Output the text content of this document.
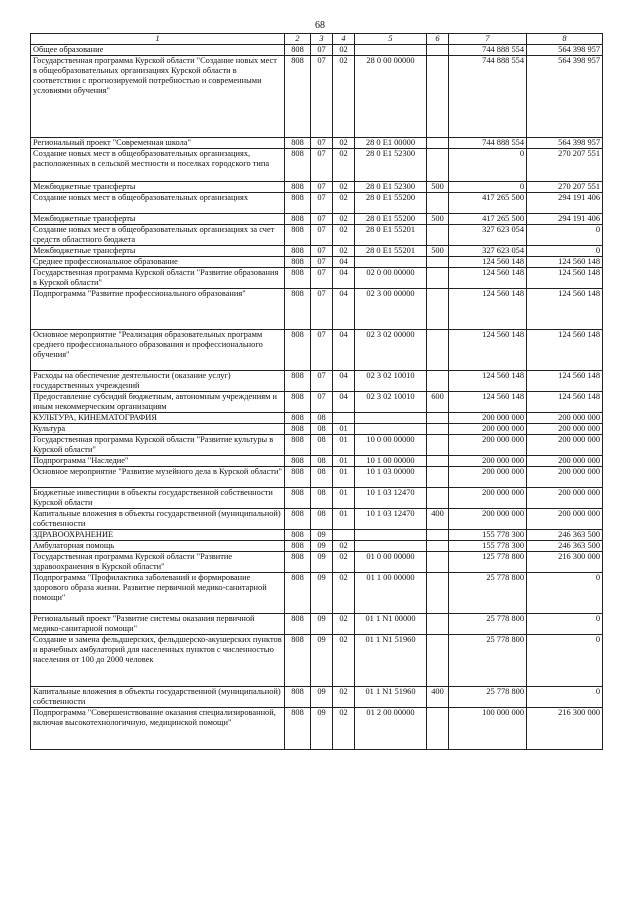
68
1	2	3	4	5	6	7	8
Общее образование	808	07	02			744 888 554	564 398 957
Государственная программа Курской области "Создание новых мест в общеобразовательных организациях Курской области в соответствии с прогнозируемой потребностью и современными условиями обучения"	808	07	02	28 0 00 00000		744 888 554	564 398 957
Региональный проект "Современная школа"	808	07	02	28 0 E1 00000		744 888 554	564 398 957
Создание новых мест в общеобразовательных организациях, расположенных в сельской местности и поселках городского типа	808	07	02	28 0 E1 52300		0	270 207 551
Межбюджетные трансферты	808	07	02	28 0 E1 52300	500	0	270 207 551
Создание новых мест в общеобразовательных организациях	808	07	02	28 0 E1 55200		417 265 500	294 191 406
Межбюджетные трансферты	808	07	02	28 0 E1 55200	500	417 265 500	294 191 406
Создание новых мест в общеобразовательных организациях за счет средств областного бюджета	808	07	02	28 0 E1 55201		327 623 054	0
Межбюджетные трансферты	808	07	02	28 0 E1 55201	500	327 623 054	0
Среднее профессиональное образование	808	07	04			124 560 148	124 560 148
Государственная программа Курской области "Развитие образования в Курской области"	808	07	04	02 0 00 00000		124 560 148	124 560 148
Подпрограмма "Развитие профессионального образования"	808	07	04	02 3 00 00000		124 560 148	124 560 148
Основное мероприятие "Реализация образовательных программ среднего профессионального образования и профессионального обучения"	808	07	04	02 3 02 00000		124 560 148	124 560 148
Расходы на обеспечение деятельности (оказание услуг) государственных учреждений	808	07	04	02 3 02 10010		124 560 148	124 560 148
Предоставление субсидий бюджетным, автономным учреждениям и иным некоммерческим организациям	808	07	04	02 3 02 10010	600	124 560 148	124 560 148
КУЛЬТУРА, КИНЕМАТОГРАФИЯ	808	08				200 000 000	200 000 000
Культура	808	08	01			200 000 000	200 000 000
Государственная программа Курской области "Развитие культуры в Курской области"	808	08	01	10 0 00 00000		200 000 000	200 000 000
Подпрограмма "Наследие"	808	08	01	10 1 00 00000		200 000 000	200 000 000
Основное мероприятие "Развитие музейного дела в Курской области"	808	08	01	10 1 03 00000		200 000 000	200 000 000
Бюджетные инвестиции в объекты государственной собственности Курской области	808	08	01	10 1 03 12470		200 000 000	200 000 000
Капитальные вложения в объекты государственной (муниципальной) собственности	808	08	01	10 1 03 12470	400	200 000 000	200 000 000
ЗДРАВООХРАНЕНИЕ	808	09				155 778 300	246 363 500
Амбулаторная помощь	808	09	02			155 778 300	246 363 500
Государственная программа Курской области "Развитие здравоохранения в Курской области"	808	09	02	01 0 00 00000		125 778 800	216 300 000
Подпрограмма "Профилактика заболеваний и формирование здорового образа жизни. Развитие первичной медико-санитарной помощи"	808	09	02	01 1 00 00000		25 778 800	0
Региональный проект "Развитие системы оказания первичной медико-санитарной помощи"	808	09	02	01 1 N1 00000		25 778 800	0
Создание и замена фельдшерских, фельдшерско-акушерских пунктов и врачебных амбулаторий для населенных пунктов с численностью населения от 100 до 2000 человек	808	09	02	01 1 N1 51960		25 778 800	0
Капитальные вложения в объекты государственной (муниципальной) собственности	808	09	02	01 1 N1 51960	400	25 778 800	0
Подпрограмма "Совершенствование оказания специализированной, включая высокотехнологичную, медицинской помощи"	808	09	02	01 2 00 00000		100 000 000	216 300 000
